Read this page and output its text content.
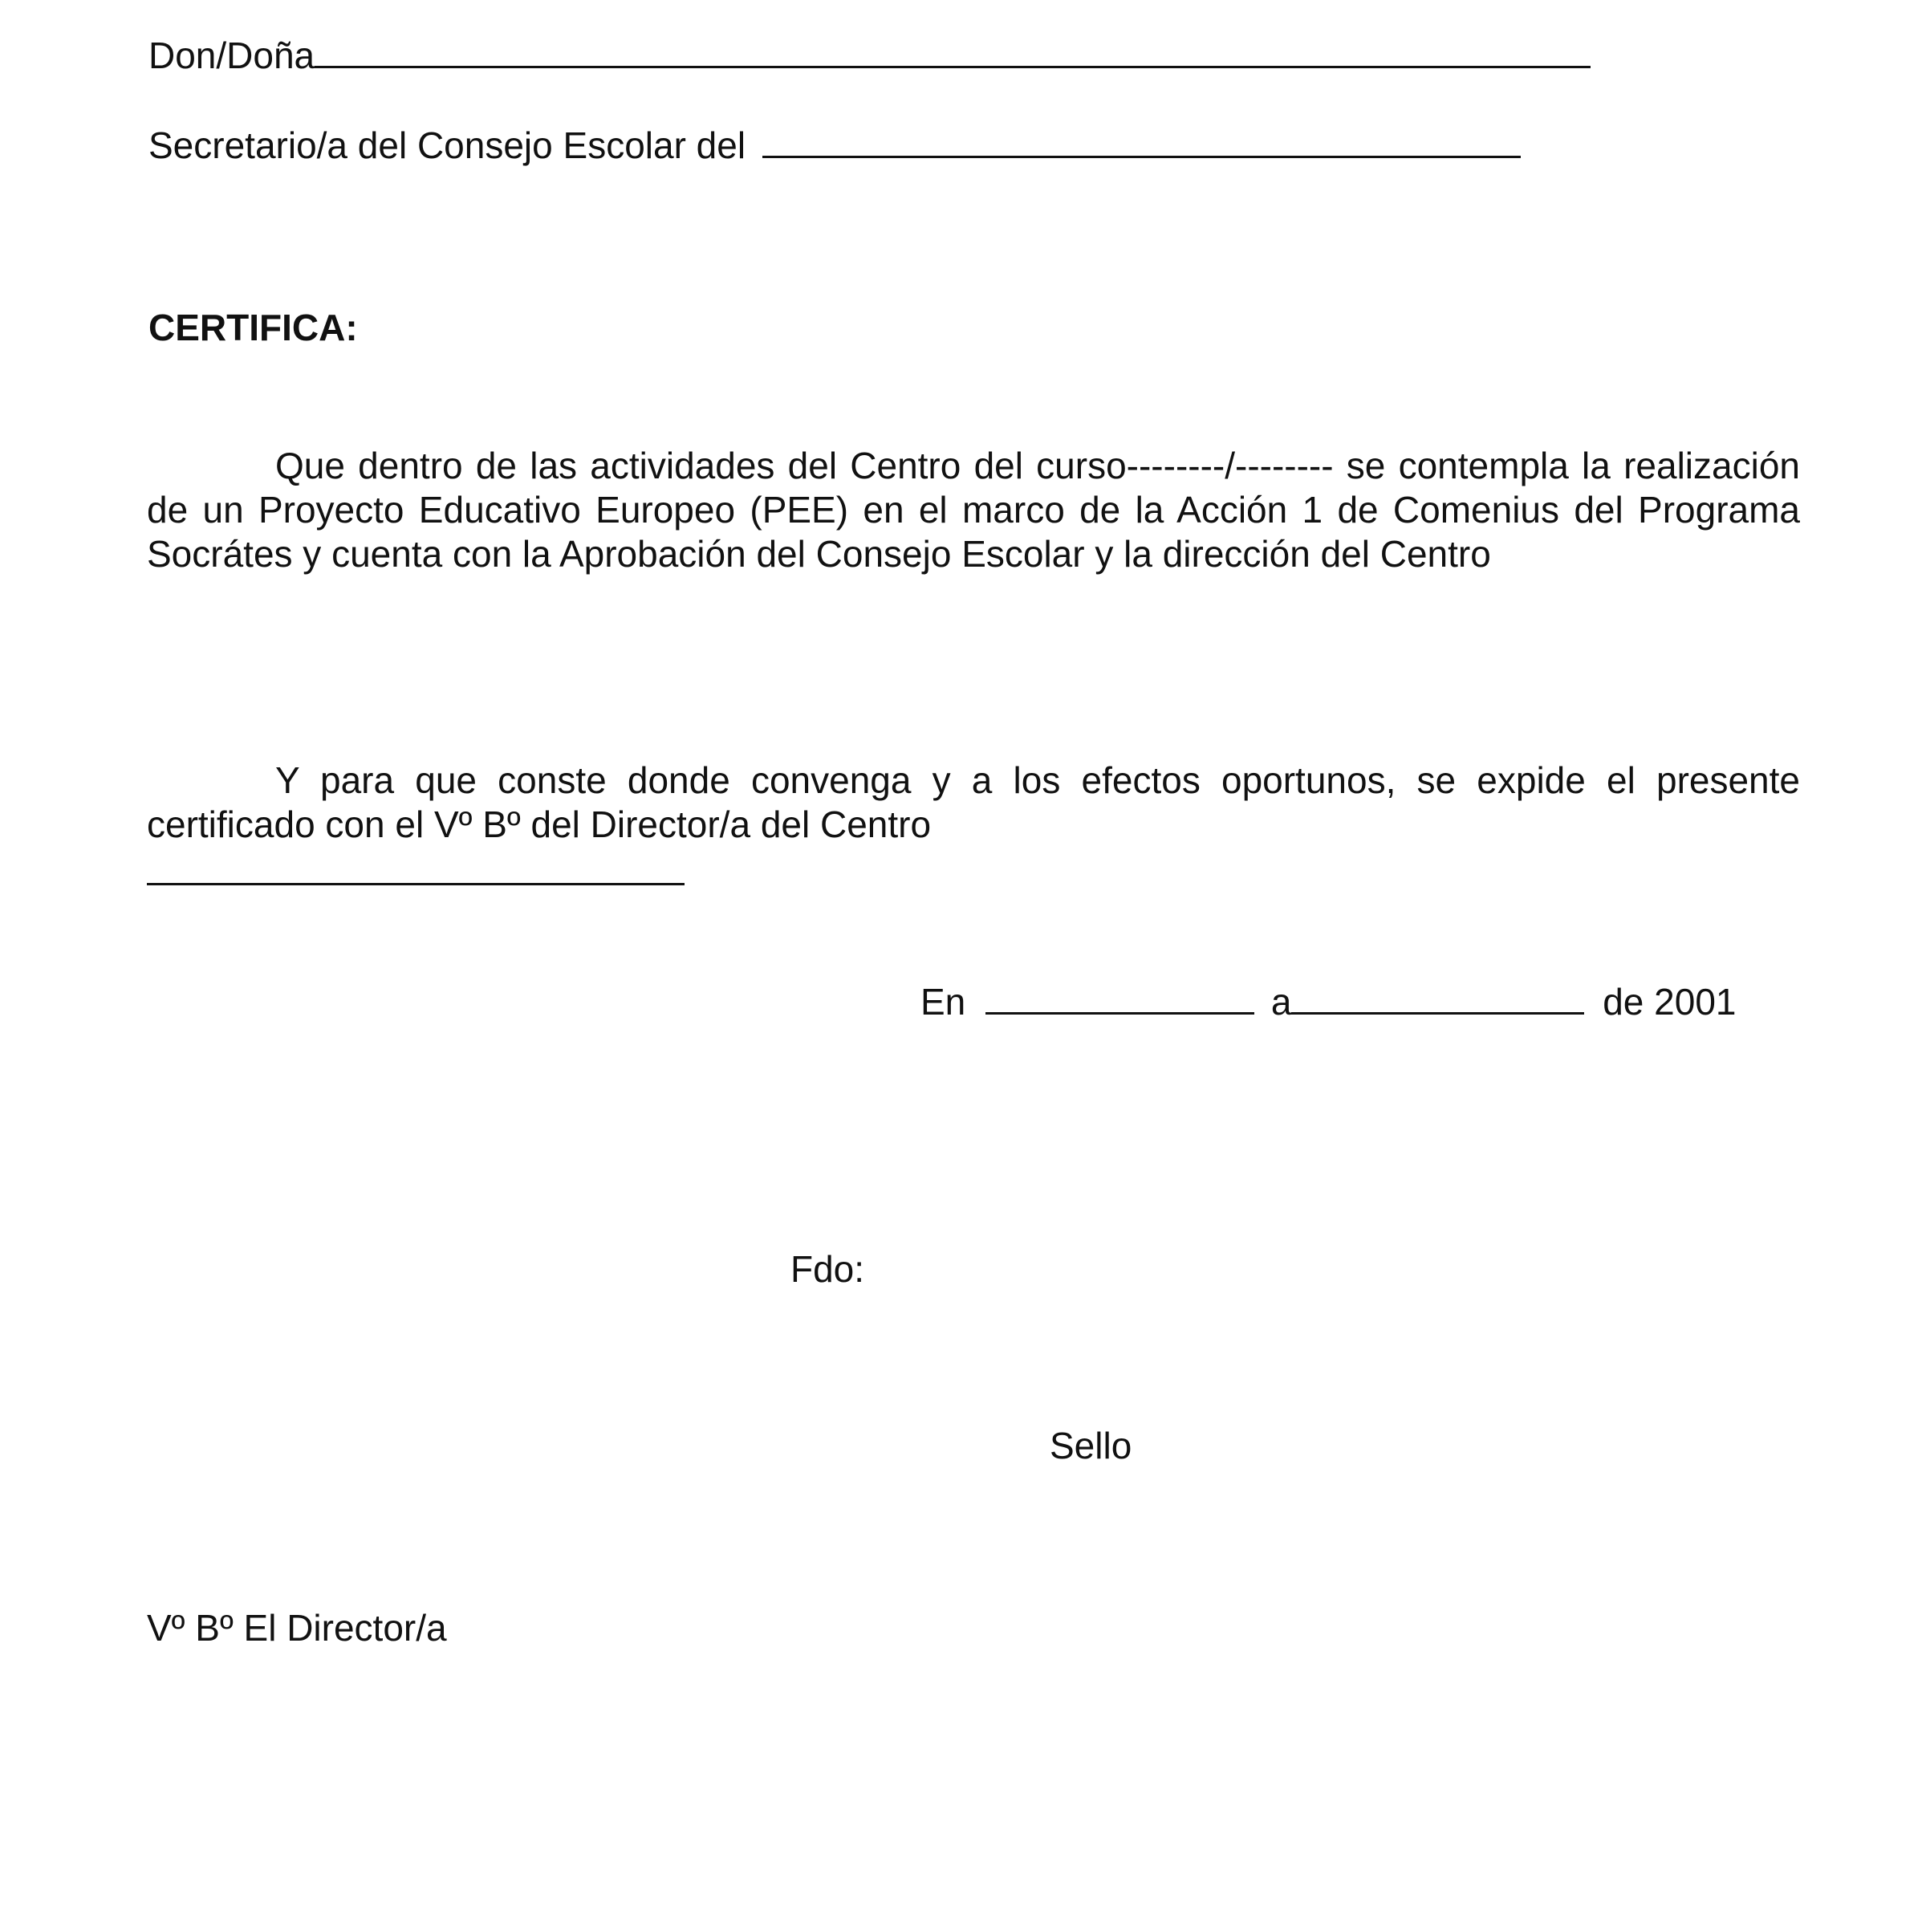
Don/Doña
Secretario/a del Consejo Escolar del
CERTIFICA:
Que dentro de las actividades del Centro del curso--------/-------- se contempla la realización de un Proyecto Educativo Europeo (PEE) en el marco de la Acción 1 de Comenius del Programa Socrátes y cuenta con la Aprobación del Consejo Escolar y la dirección del Centro
Y para que conste donde convenga y a los efectos oportunos, se expide el presente certificado con el Vº Bº del Director/a del Centro
En	a	de 2001
Fdo:
Sello
Vº Bº El Director/a
